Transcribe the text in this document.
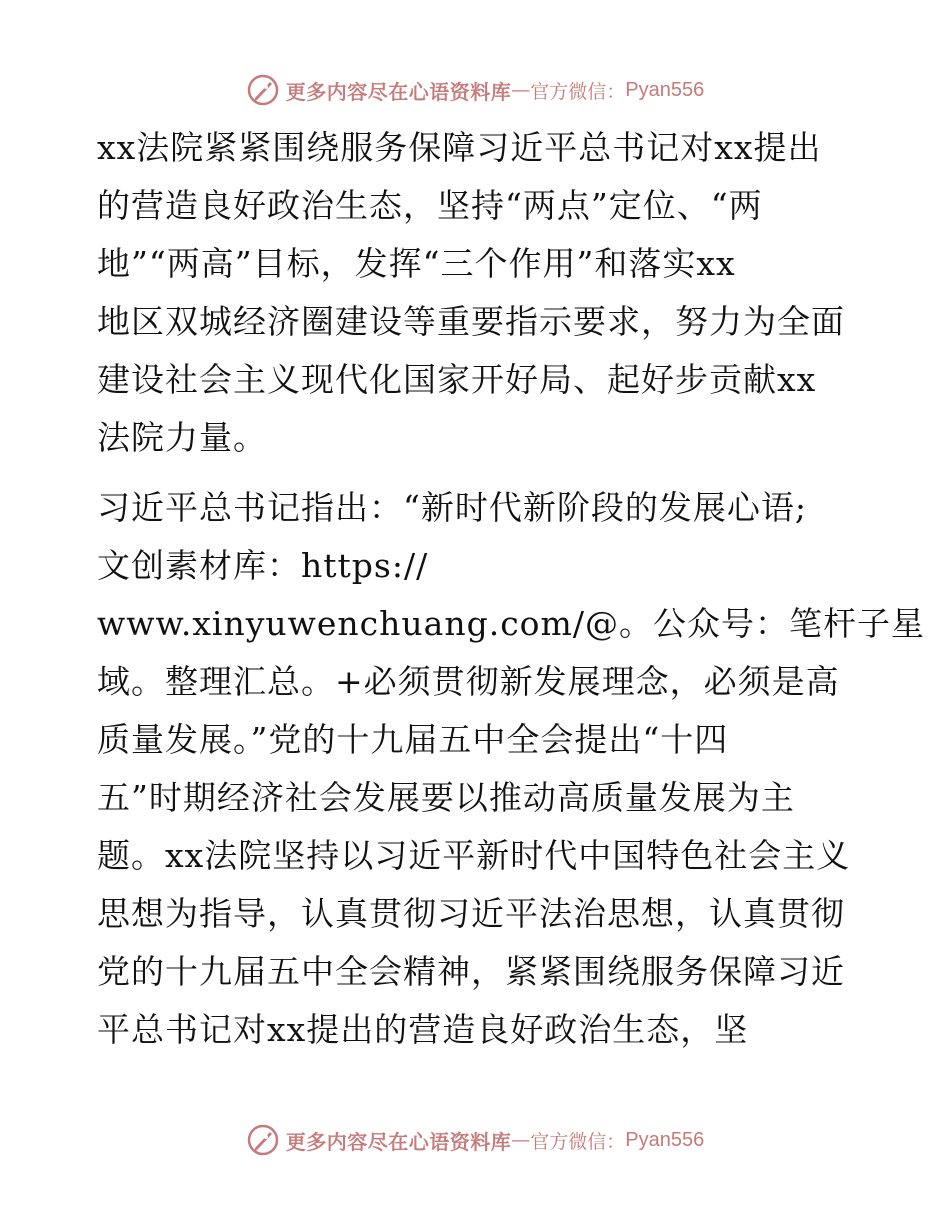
更多内容尽在心语资料库 — 官方微信： Pyan556
xx法院紧紧围绕服务保障习近平总书记对xx提出
的营造良好政治生态，坚持“两点”定位、“两
地”“两高”目标，发挥“三个作用”和落实xx
地区双城经济圈建设等重要指示要求，努力为全面
建设社会主义现代化国家开好局、起好步贡献xx
法院力量。
习近平总书记指出：“新时代新阶段的发展心语;
文创素材库：https://
www.xinyuwenchuang.com/@。公众号：笔杆子星
域。整理汇总。+必须贯彻新发展理念，必须是高
质量发展。”党的十九届五中全会提出“十四
五”时期经济社会发展要以推动高质量发展为主
题。xx法院坚持以习近平新时代中国特色社会主义
思想为指导，认真贯彻习近平法治思想，认真贯彻
党的十九届五中全会精神，紧紧围绕服务保障习近
平总书记对xx提出的营造良好政治生态，坚
更多内容尽在心语资料库 — 官方微信： Pyan556
